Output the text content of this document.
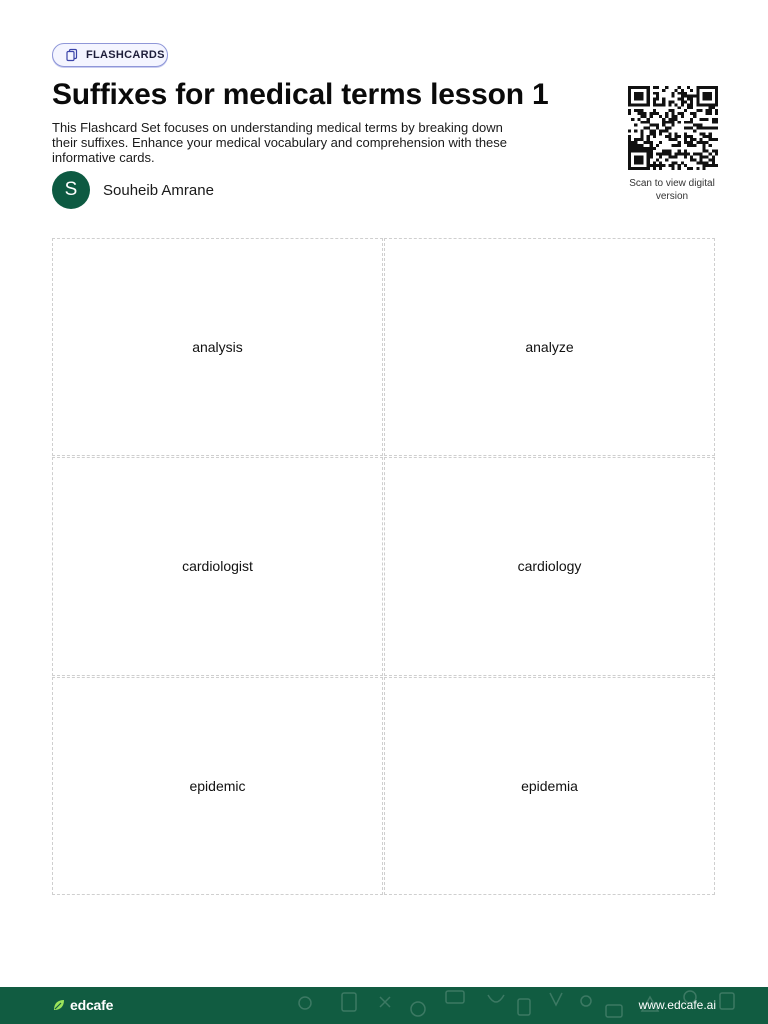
FLASHCARDS
Suffixes for medical terms lesson 1

This Flashcard Set focuses on understanding medical terms by breaking down their suffixes. Enhance your medical vocabulary and comprehension with these informative cards.

S	Souheib Amrane	Scan to view digital version
analysis	analyze
cardiologist	cardiology
epidemic	epidemia
edcafe	www.edcafe.ai
